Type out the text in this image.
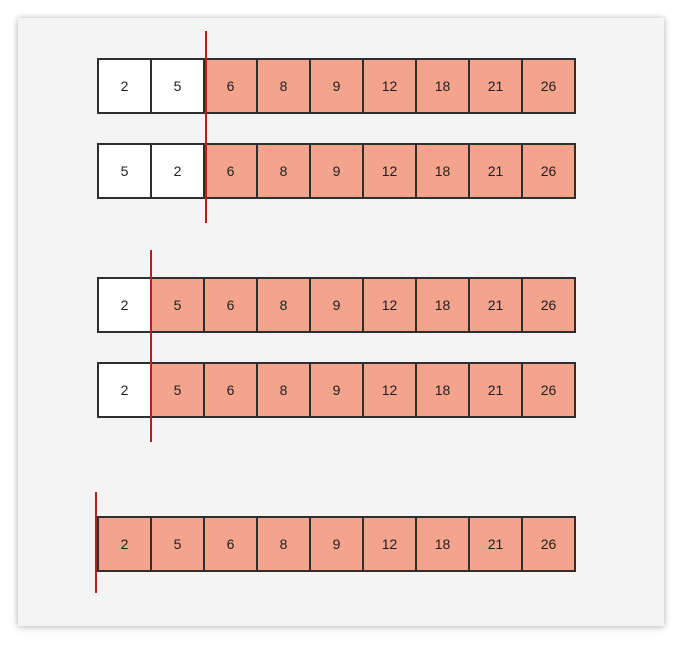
2	5	6	8	9	12	18	21	26
5	2	6	8	9	12	18	21	26
2	5	6	8	9	12	18	21	26
2	5	6	8	9	12	18	21	26
2	5	6	8	9	12	18	21	26
